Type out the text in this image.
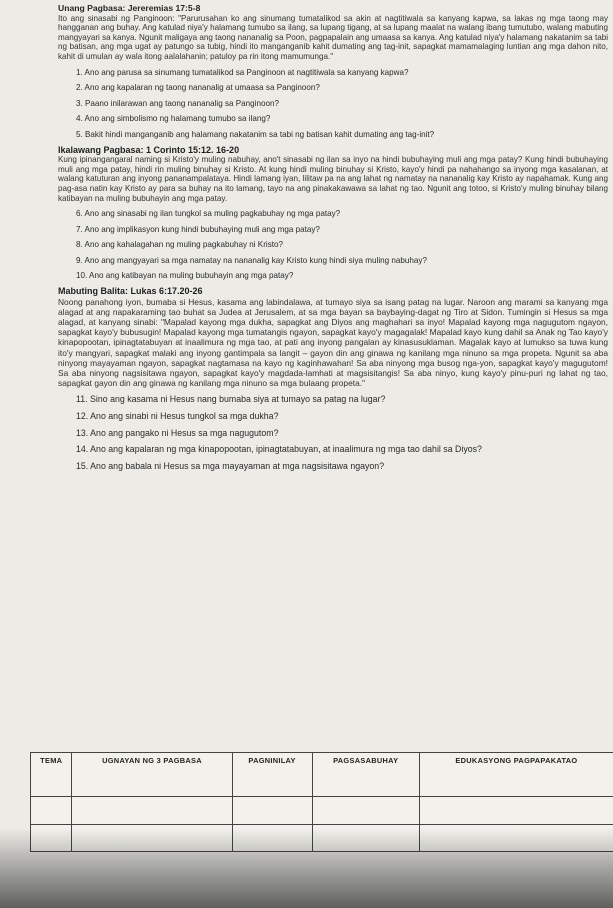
Unang Pagbasa: Jereremias 17:5-8

Ito ang sinasabi ng Panginoon: "Parurusahan ko ang sinumang tumatalikod sa akin at nagtitiwala sa kanyang kapwa, sa lakas ng mga taong may hangganan ang buhay. Ang katulad niya'y halamang tumubo sa ilang, sa lupang tigang, at sa lupang maalat na walang ibang tumutubo, walang mabuting mangyayari sa kanya. Ngunit maligaya ang taong nananalig sa Poon, pagpapalain ang umaasa sa kanya. Ang katulad niya'y halamang nakatanim sa tabi ng batisan, ang mga ugat ay patungo sa tubig, hindi ito manganganib kahit dumating ang tag-init, sapagkat mamamalaging luntian ang mga dahon nito, kahit di umulan ay wala itong aalalahanin; patuloy pa rin itong mamumunga."

1. Ano ang parusa sa sinumang tumatalikod sa Panginoon at nagtitiwala sa kanyang kapwa?
2. Ano ang kapalaran ng taong nananalig at umaasa sa Panginoon?
3. Paano inilarawan ang taong nananalig sa Panginoon?
4. Ano ang simbolismo ng halamang tumubo sa ilang?
5. Bakit hindi manganganib ang halamang nakatanim sa tabi ng batisan kahit dumating ang tag-init?

Ikalawang Pagbasa: 1 Corinto 15:12. 16-20

Kung ipinangangaral naming si Kristo'y muling nabuhay, ano't sinasabi ng ilan sa inyo na hindi bubuhaying muli ang mga patay? Kung hindi bubuhaying muli ang mga patay, hindi rin muling binuhay si Kristo. At kung hindi muling binuhay si Kristo, kayo'y hindi pa nahahango sa inyong mga kasalanan, at walang katuturan ang inyong pananampalataya. Hindi lamang iyan, lilitaw pa na ang lahat ng namatay na nananalig kay Kristo ay napahamak. Kung ang pag-asa natin kay Kristo ay para sa buhay na ito lamang, tayo na ang pinakakawawa sa lahat ng tao. Ngunit ang totoo, si Kristo'y muling binuhay bilang katibayan na muling bubuhayin ang mga patay.

6. Ano ang sinasabi ng ilan tungkol sa muling pagkabuhay ng mga patay?
7. Ano ang implikasyon kung hindi bubuhaying muli ang mga patay?
8. Ano ang kahalagahan ng muling pagkabuhay ni Kristo?
9. Ano ang mangyayari sa mga namatay na nananalig kay Kristo kung hindi siya muling nabuhay?
10. Ano ang katibayan na muling bubuhayin ang mga patay?

Mabuting Balita: Lukas 6:17.20-26

Noong panahong iyon, bumaba si Hesus, kasama ang labindalawa, at tumayo siya sa isang patag na lugar. Naroon ang marami sa kanyang mga alagad at ang napakaraming tao buhat sa Judea at Jerusalem, at sa mga bayan sa baybaying-dagat ng Tiro at Sidon. Tumingin si Hesus sa mga alagad, at kanyang sinabi: "Mapalad kayong mga dukha, sapagkat ang Diyos ang maghahari sa inyo! Mapalad kayong mga nagugutom ngayon, sapagkat kayo'y bubusugin! Mapalad kayong mga tumatangis ngayon, sapagkat kayo'y magagalak! Mapalad kayo kung dahil sa Anak ng Tao kayo'y kinapopootan, ipinagtatabuyan at inaalimura ng mga tao, at pati ang inyong pangalan ay kinasusuklaman. Magalak kayo at lumukso sa tuwa kung ito'y mangyari, sapagkat malaki ang inyong gantimpala sa langit – gayon din ang ginawa ng kanilang mga ninuno sa mga propeta. Ngunit sa aba ninyong mayayaman ngayon, sapagkat nagtamasa na kayo ng kaginhawahan! Sa aba ninyong mga busog nga-yon, sapagkat kayo'y magugutom! Sa aba ninyong nagsisitawa ngayon, sapagkat kayo'y magdada-lamhati at magsisitangis! Sa aba ninyo, kung kayo'y pinu-puri ng lahat ng tao, sapagkat gayon din ang ginawa ng kanilang mga ninuno sa mga bulaang propeta."

11. Sino ang kasama ni Hesus nang bumaba siya at tumayo sa patag na lugar?
12. Ano ang sinabi ni Hesus tungkol sa mga dukha?
13. Ano ang pangako ni Hesus sa mga nagugutom?
14. Ano ang kapalaran ng mga kinapopootan, ipinagtatabuyan, at inaalimura ng mga tao dahil sa Diyos?
15. Ano ang babala ni Hesus sa mga mayayaman at mga nagsisitawa ngayon?
TEMA	UGNAYAN NG 3 PAGBASA	PAGNINILAY	PAGSASABUHAY	EDUKASYONG PAGPAPAKATAO
